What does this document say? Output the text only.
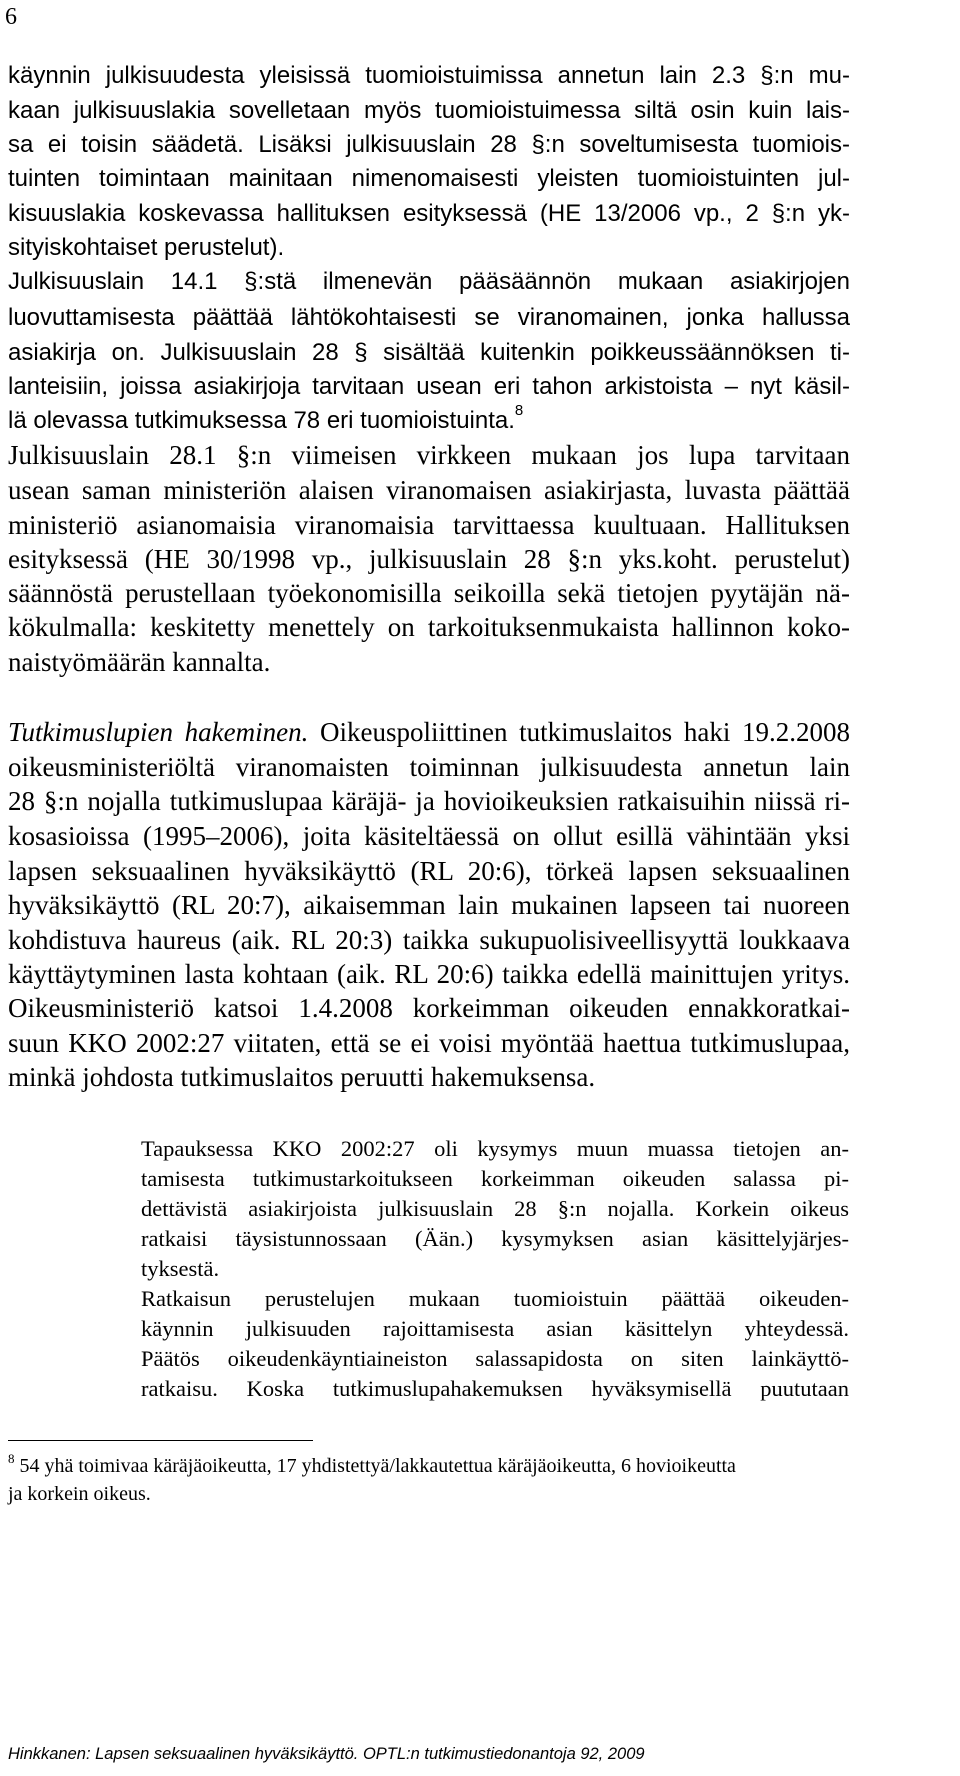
6

käynnin julkisuudesta yleisissä tuomioistuimissa annetun lain 2.3 §:n mu-

kaan julkisuuslakia sovelletaan myös tuomioistuimessa siltä osin kuin lais-

sa ei toisin säädetä. Lisäksi julkisuuslain 28 §:n soveltumisesta tuomiois-

tuinten toimintaan mainitaan nimenomaisesti yleisten tuomioistuinten jul-

kisuuslakia koskevassa hallituksen esityksessä (HE 13/2006 vp., 2 §:n yk-

sityiskohtaiset perustelut).

Julkisuuslain 14.1 §:stä ilmenevän pääsäännön mukaan asiakirjojen

luovuttamisesta päättää lähtökohtaisesti se viranomainen, jonka hallussa

asiakirja on. Julkisuuslain 28 § sisältää kuitenkin poikkeussäännöksen ti-

lanteisiin, joissa asiakirjoja tarvitaan usean eri tahon arkistoista – nyt käsil-

lä olevassa tutkimuksessa 78 eri tuomioistuinta.$^8$

Julkisuuslain 28.1 §:n viimeisen virkkeen mukaan jos lupa tarvitaan

usean saman ministeriön alaisen viranomaisen asiakirjasta, luvasta päättää

ministeriö asianomaisia viranomaisia tarvittaessa kuultuaan. Hallituksen

esityksessä (HE 30/1998 vp., julkisuuslain 28 §:n yks.koht. perustelut)

säännöstä perustellaan työekonomisilla seikoilla sekä tietojen pyytäjän nä-

kökulmalla: keskitetty menettely on tarkoituksenmukaista hallinnon koko-

naistyömäärän kannalta.

Tutkimuslupien hakeminen. Oikeuspoliittinen tutkimuslaitos haki 19.2.2008

oikeusministeriöltä viranomaisten toiminnan julkisuudesta annetun lain

28 §:n nojalla tutkimuslupaa käräjä- ja hovioikeuksien ratkaisuihin niissä ri-

kosasioissa (1995–2006), joita käsiteltäessä on ollut esillä vähintään yksi

lapsen seksuaalinen hyväksikäyttö (RL 20:6), törkeä lapsen seksuaalinen

hyväksikäyttö (RL 20:7), aikaisemman lain mukainen lapseen tai nuoreen

kohdistuva haureus (aik. RL 20:3) taikka sukupuolisiveellisyyttä loukkaava

käyttäytyminen lasta kohtaan (aik. RL 20:6) taikka edellä mainittujen yritys.

Oikeusministeriö katsoi 1.4.2008 korkeimman oikeuden ennakkoratkai-

suun KKO 2002:27 viitaten, että se ei voisi myöntää haettua tutkimuslupaa,

minkä johdosta tutkimuslaitos peruutti hakemuksensa.

Tapauksessa KKO 2002:27 oli kysymys muun muassa tietojen an-

tamisesta tutkimustarkoitukseen korkeimman oikeuden salassa pi-

dettävistä asiakirjoista julkisuuslain 28 §:n nojalla. Korkein oikeus

ratkaisi täysistunnossaan (Ään.) kysymyksen asian käsittelyjärjes-

tyksestä.

Ratkaisun perustelujen mukaan tuomioistuin päättää oikeuden-

käynnin julkisuuden rajoittamisesta asian käsittelyn yhteydessä.

Päätös oikeudenkäyntiaineiston salassapidosta on siten lainkäyttö-

ratkaisu. Koska tutkimuslupahakemuksen hyväksymisellä puututaan

$^8$ 54 yhä toimivaa käräjäoikeutta, 17 yhdistettyä/lakkautettua käräjäoikeutta, 6 hovioikeutta

ja korkein oikeus.

Hinkkanen: Lapsen seksuaalinen hyväksikäyttö. OPTL:n tutkimustiedonantoja 92, 2009
